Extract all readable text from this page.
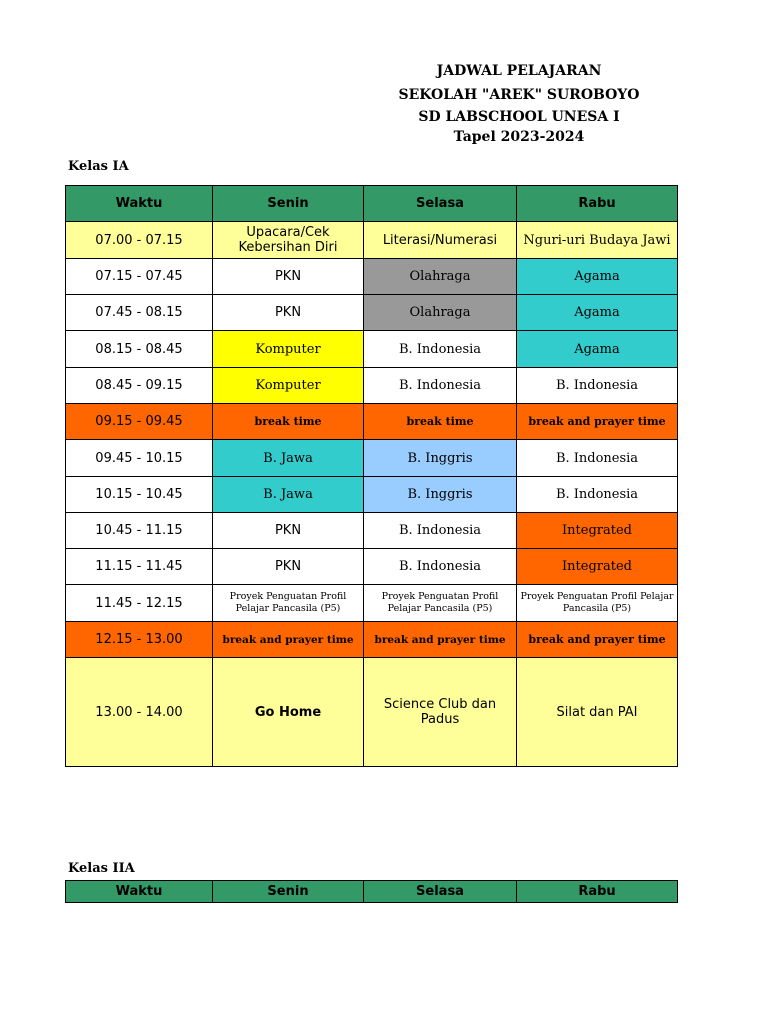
JADWAL PELAJARAN
SEKOLAH "AREK" SUROBOYO
SD LABSCHOOL UNESA I
Tapel 2023-2024
Kelas IA
Waktu	Senin	Selasa	Rabu
07.00 - 07.15	Upacara/Cek Kebersihan Diri	Literasi/Numerasi	Nguri-uri Budaya Jawi
07.15 - 07.45	PKN	Olahraga	Agama
07.45 - 08.15	PKN	Olahraga	Agama
08.15 - 08.45	Komputer	B. Indonesia	Agama
08.45 - 09.15	Komputer	B. Indonesia	B. Indonesia
09.15 - 09.45	break time	break time	break and prayer time
09.45 - 10.15	B. Jawa	B. Inggris	B. Indonesia
10.15 - 10.45	B. Jawa	B. Inggris	B. Indonesia
10.45 - 11.15	PKN	B. Indonesia	Integrated
11.15 - 11.45	PKN	B. Indonesia	Integrated
11.45 - 12.15	Proyek Penguatan Profil Pelajar Pancasila (P5)	Proyek Penguatan Profil Pelajar Pancasila (P5)	Proyek Penguatan Profil Pelajar Pancasila (P5)
12.15 - 13.00	break and prayer time	break and prayer time	break and prayer time
13.00 - 14.00	Go Home	Science Club dan Padus	Silat dan PAI
Kelas IIA
Waktu	Senin	Selasa	Rabu
